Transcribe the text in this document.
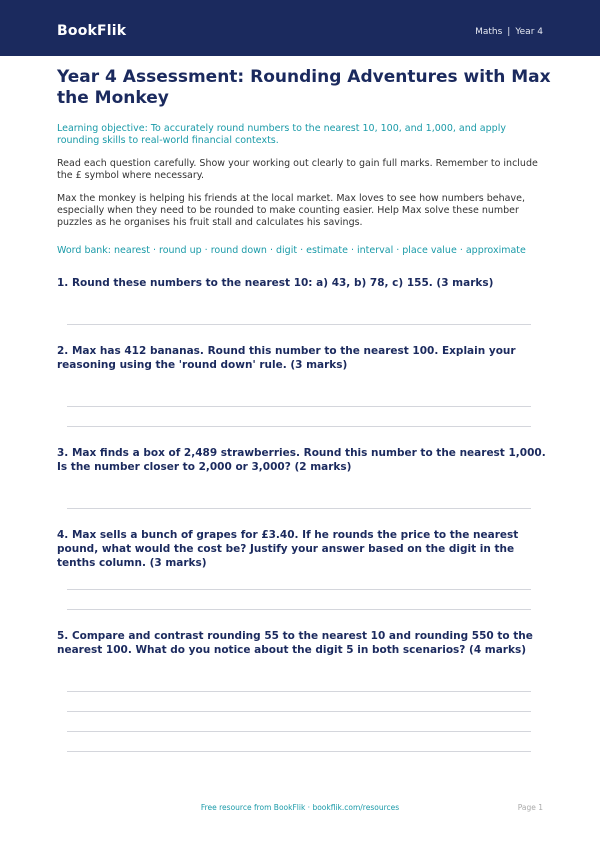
BookFlik	Maths | Year 4
Year 4 Assessment: Rounding Adventures with Max the Monkey

Learning objective: To accurately round numbers to the nearest 10, 100, and 1,000, and apply rounding skills to real-world financial contexts.

Read each question carefully. Show your working out clearly to gain full marks. Remember to include the £ symbol where necessary.

Max the monkey is helping his friends at the local market. Max loves to see how numbers behave, especially when they need to be rounded to make counting easier. Help Max solve these number puzzles as he organises his fruit stall and calculates his savings.

Word bank: nearest · round up · round down · digit · estimate · interval · place value · approximate

1. Round these numbers to the nearest 10: a) 43, b) 78, c) 155. (3 marks)

2. Max has 412 bananas. Round this number to the nearest 100. Explain your reasoning using the 'round down' rule. (3 marks)

3. Max finds a box of 2,489 strawberries. Round this number to the nearest 1,000. Is the number closer to 2,000 or 3,000? (2 marks)

4. Max sells a bunch of grapes for £3.40. If he rounds the price to the nearest pound, what would the cost be? Justify your answer based on the digit in the tenths column. (3 marks)

5. Compare and contrast rounding 55 to the nearest 10 and rounding 550 to the nearest 100. What do you notice about the digit 5 in both scenarios? (4 marks)

Free resource from BookFlik · bookflik.com/resources	Page 1
